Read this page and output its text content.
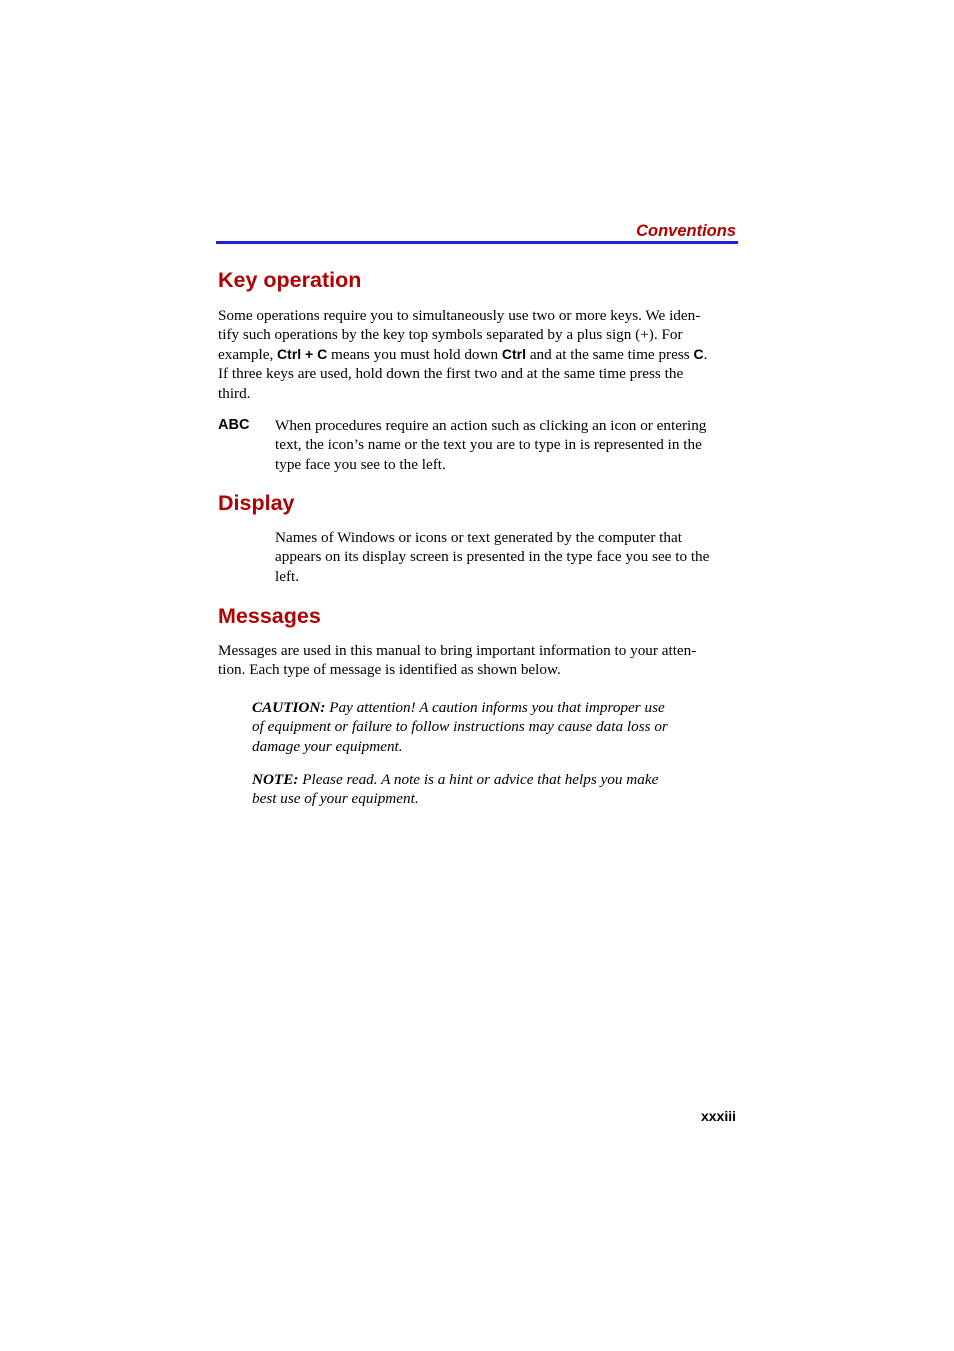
Conventions
Key operation
Some operations require you to simultaneously use two or more keys. We iden-
tify such operations by the key top symbols separated by a plus sign (+). For
example, Ctrl + C means you must hold down Ctrl and at the same time press C.
If three keys are used, hold down the first two and at the same time press the
third.
ABC When procedures require an action such as clicking an icon or entering
text, the icon’s name or the text you are to type in is represented in the
type face you see to the left.
Display
Names of Windows or icons or text generated by the computer that
appears on its display screen is presented in the type face you see to the
left.
Messages
Messages are used in this manual to bring important information to your atten-
tion. Each type of message is identified as shown below.
CAUTION: Pay attention! A caution informs you that improper use
of equipment or failure to follow instructions may cause data loss or
damage your equipment.
NOTE: Please read. A note is a hint or advice that helps you make
best use of your equipment.
xxxiii
